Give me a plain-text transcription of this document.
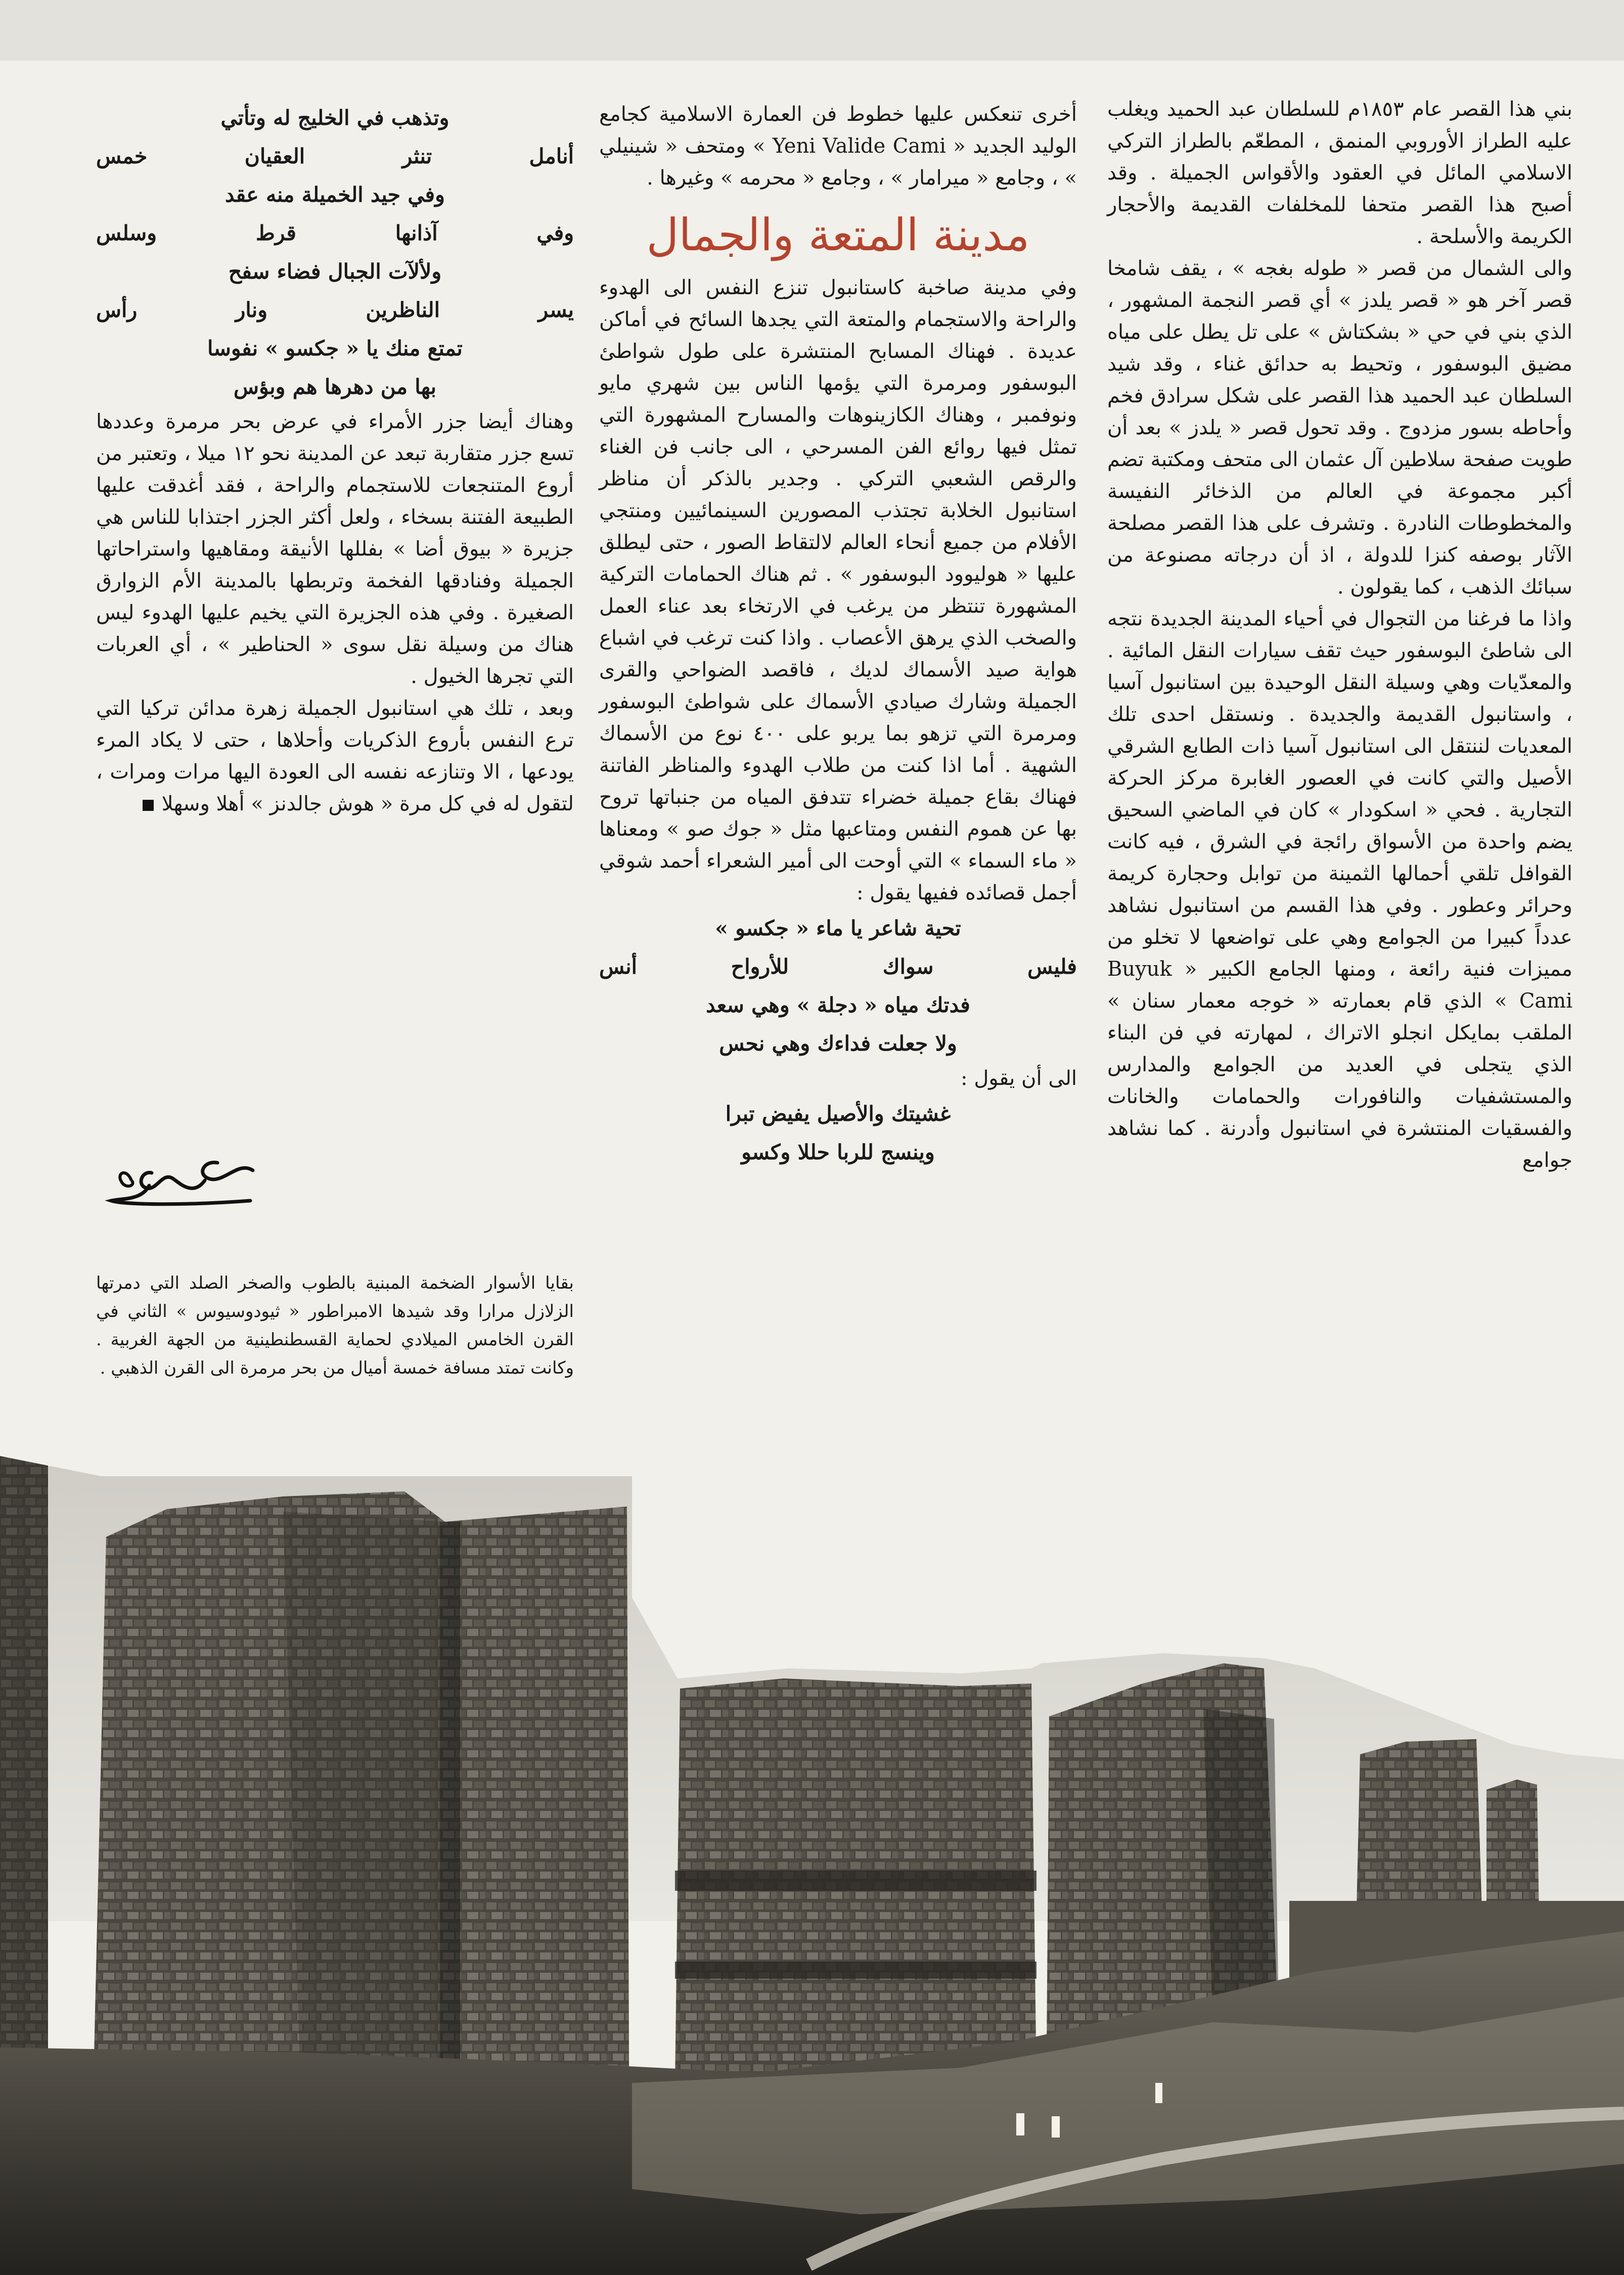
بني هذا القصر عام ١٨٥٣م للسلطان عبد الحميد ويغلب عليه الطراز الأوروبي المنمق ، المطعّم بالطراز التركي الاسلامي المائل في العقود والأقواس الجميلة . وقد أصبح هذا القصر متحفا للمخلفات القديمة والأحجار الكريمة والأسلحة .

والى الشمال من قصر « طوله بغجه » ، يقف شامخا قصر آخر هو « قصر يلدز » أي قصر النجمة المشهور ، الذي بني في حي « بشكتاش » على تل يطل على مياه مضيق البوسفور ، وتحيط به حدائق غناء ، وقد شيد السلطان عبد الحميد هذا القصر على شكل سرادق فخم وأحاطه بسور مزدوج . وقد تحول قصر « يلدز » بعد أن طويت صفحة سلاطين آل عثمان الى متحف ومكتبة تضم أكبر مجموعة في العالم من الذخائر النفيسة والمخطوطات النادرة . وتشرف على هذا القصر مصلحة الآثار بوصفه كنزا للدولة ، اذ أن درجاته مصنوعة من سبائك الذهب ، كما يقولون .

واذا ما فرغنا من التجوال في أحياء المدينة الجديدة نتجه الى شاطئ البوسفور حيث تقف سيارات النقل المائية . والمعدّيات وهي وسيلة النقل الوحيدة بين استانبول آسيا ، واستانبول القديمة والجديدة . ونستقل احدى تلك المعديات لننتقل الى استانبول آسيا ذات الطابع الشرقي الأصيل والتي كانت في العصور الغابرة مركز الحركة التجارية . فحي « اسكودار » كان في الماضي السحيق يضم واحدة من الأسواق رائجة في الشرق ، فيه كانت القوافل تلقي أحمالها الثمينة من توابل وحجارة كريمة وحرائر وعطور . وفي هذا القسم من استانبول نشاهد عدداً كبيرا من الجوامع وهي على تواضعها لا تخلو من مميزات فنية رائعة ، ومنها الجامع الكبير « Buyuk Cami » الذي قام بعمارته « خوجه معمار سنان » الملقب بمايكل انجلو الاتراك ، لمهارته في فن البناء الذي يتجلى في العديد من الجوامع والمدارس والمستشفيات والنافورات والحمامات والخانات والفسقيات المنتشرة في استانبول وأدرنة . كما نشاهد جوامع

أخرى تنعكس عليها خطوط فن العمارة الاسلامية كجامع الوليد الجديد « Yeni Valide Cami » ومتحف « شينيلي » ، وجامع « ميرامار » ، وجامع « محرمه » وغيرها .

مدينة المتعة والجمال

وفي مدينة صاخبة كاستانبول تنزع النفس الى الهدوء والراحة والاستجمام والمتعة التي يجدها السائح في أماكن عديدة . فهناك المسابح المنتشرة على طول شواطئ البوسفور ومرمرة التي يؤمها الناس بين شهري مايو ونوفمبر ، وهناك الكازينوهات والمسارح المشهورة التي تمثل فيها روائع الفن المسرحي ، الى جانب فن الغناء والرقص الشعبي التركي . وجدير بالذكر أن مناظر استانبول الخلابة تجتذب المصورين السينمائيين ومنتجي الأفلام من جميع أنحاء العالم لالتقاط الصور ، حتى ليطلق عليها « هوليوود البوسفور » . ثم هناك الحمامات التركية المشهورة تنتظر من يرغب في الارتخاء بعد عناء العمل والصخب الذي يرهق الأعصاب . واذا كنت ترغب في اشباع هواية صيد الأسماك لديك ، فاقصد الضواحي والقرى الجميلة وشارك صيادي الأسماك على شواطئ البوسفور ومرمرة التي تزهو بما يربو على ٤٠٠ نوع من الأسماك الشهية . أما اذا كنت من طلاب الهدوء والمناظر الفاتنة فهناك بقاع جميلة خضراء تتدفق المياه من جنباتها تروح بها عن هموم النفس ومتاعبها مثل « جوك صو » ومعناها « ماء السماء » التي أوحت الى أمير الشعراء أحمد شوقي أجمل قصائده ففيها يقول :

تحية شاعر يا ماء « جكسو »

فليس سواك للأرواح أنس

فدتك مياه « دجلة » وهي سعد

ولا جعلت فداءك وهي نحس

الى أن يقول :

غشيتك والأصيل يفيض تبرا

وينسج للربا حللا وكسو

وتذهب في الخليج له وتأتي

أنامل تنثر العقيان خمس

وفي جيد الخميلة منه عقد

وفي آذانها قرط وسلس

ولألآت الجبال فضاء سفح

يسر الناظرين ونار رأس

تمتع منك يا « جكسو » نفوسا

بها من دهرها هم وبؤس

وهناك أيضا جزر الأمراء في عرض بحر مرمرة وعددها تسع جزر متقاربة تبعد عن المدينة نحو ١٢ ميلا ، وتعتبر من أروع المتنجعات للاستجمام والراحة ، فقد أغدقت عليها الطبيعة الفتنة بسخاء ، ولعل أكثر الجزر اجتذابا للناس هي جزيرة « بيوق أضا » بفللها الأنيقة ومقاهيها واستراحاتها الجميلة وفنادقها الفخمة وتربطها بالمدينة الأم الزوارق الصغيرة . وفي هذه الجزيرة التي يخيم عليها الهدوء ليس هناك من وسيلة نقل سوى « الحناطير » ، أي العربات التي تجرها الخيول .

وبعد ، تلك هي استانبول الجميلة زهرة مدائن تركيا التي ترع النفس بأروع الذكريات وأحلاها ، حتى لا يكاد المرء يودعها ، الا وتنازعه نفسه الى العودة اليها مرات ومرات ، لتقول له في كل مرة « هوش جالدنز » أهلا وسهلا

بقايا الأسوار الضخمة المبنية بالطوب والصخر الصلد التي دمرتها الزلازل مرارا وقد شيدها الامبراطور « ثيودوسيوس » الثاني في القرن الخامس الميلادي لحماية القسطنطينية من الجهة الغربية . وكانت تمتد مسافة خمسة أميال من بحر مرمرة الى القرن الذهبي .
